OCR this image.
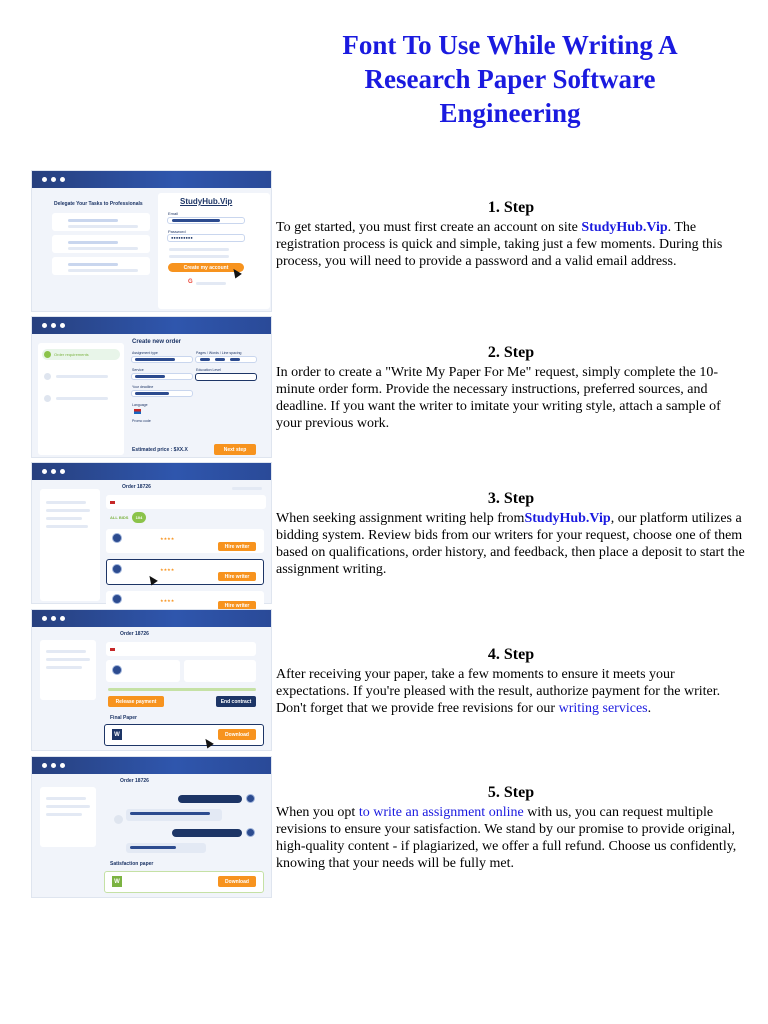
Font To Use While Writing A Research Paper Software Engineering
Delegate Your Tasks to Professionals	StudyHub.Vip
Email
Password
●●●●●●●●●
Create my account
G
Order requirements
Create new order
Assignment type	Pages / Words / Line spacing
Service	Education Level
Your deadline
Language
Promo code
Estimated price : $XX.X	Next step
Order 18726
ALL BIDS	104
★★★★
Hire writer
★★★★
Hire writer
★★★★
Hire writer
Order 18726
Release payment	End contract
Final Paper
W	Download
Order 18726
Satisfaction paper
W	Download
1. Step

To get started, you must first create an account on site StudyHub.Vip. The registration process is quick and simple, taking just a few moments. During this process, you will need to provide a password and a valid email address.

2. Step

In order to create a "Write My Paper For Me" request, simply complete the 10-minute order form. Provide the necessary instructions, preferred sources, and deadline. If you want the writer to imitate your writing style, attach a sample of your previous work.

3. Step

When seeking assignment writing help fromStudyHub.Vip, our platform utilizes a bidding system. Review bids from our writers for your request, choose one of them based on qualifications, order history, and feedback, then place a deposit to start the assignment writing.

4. Step

After receiving your paper, take a few moments to ensure it meets your expectations. If you're pleased with the result, authorize payment for the writer. Don't forget that we provide free revisions for our writing services.

5. Step

When you opt to write an assignment online with us, you can request multiple revisions to ensure your satisfaction. We stand by our promise to provide original, high-quality content - if plagiarized, we offer a full refund. Choose us confidently, knowing that your needs will be fully met.
